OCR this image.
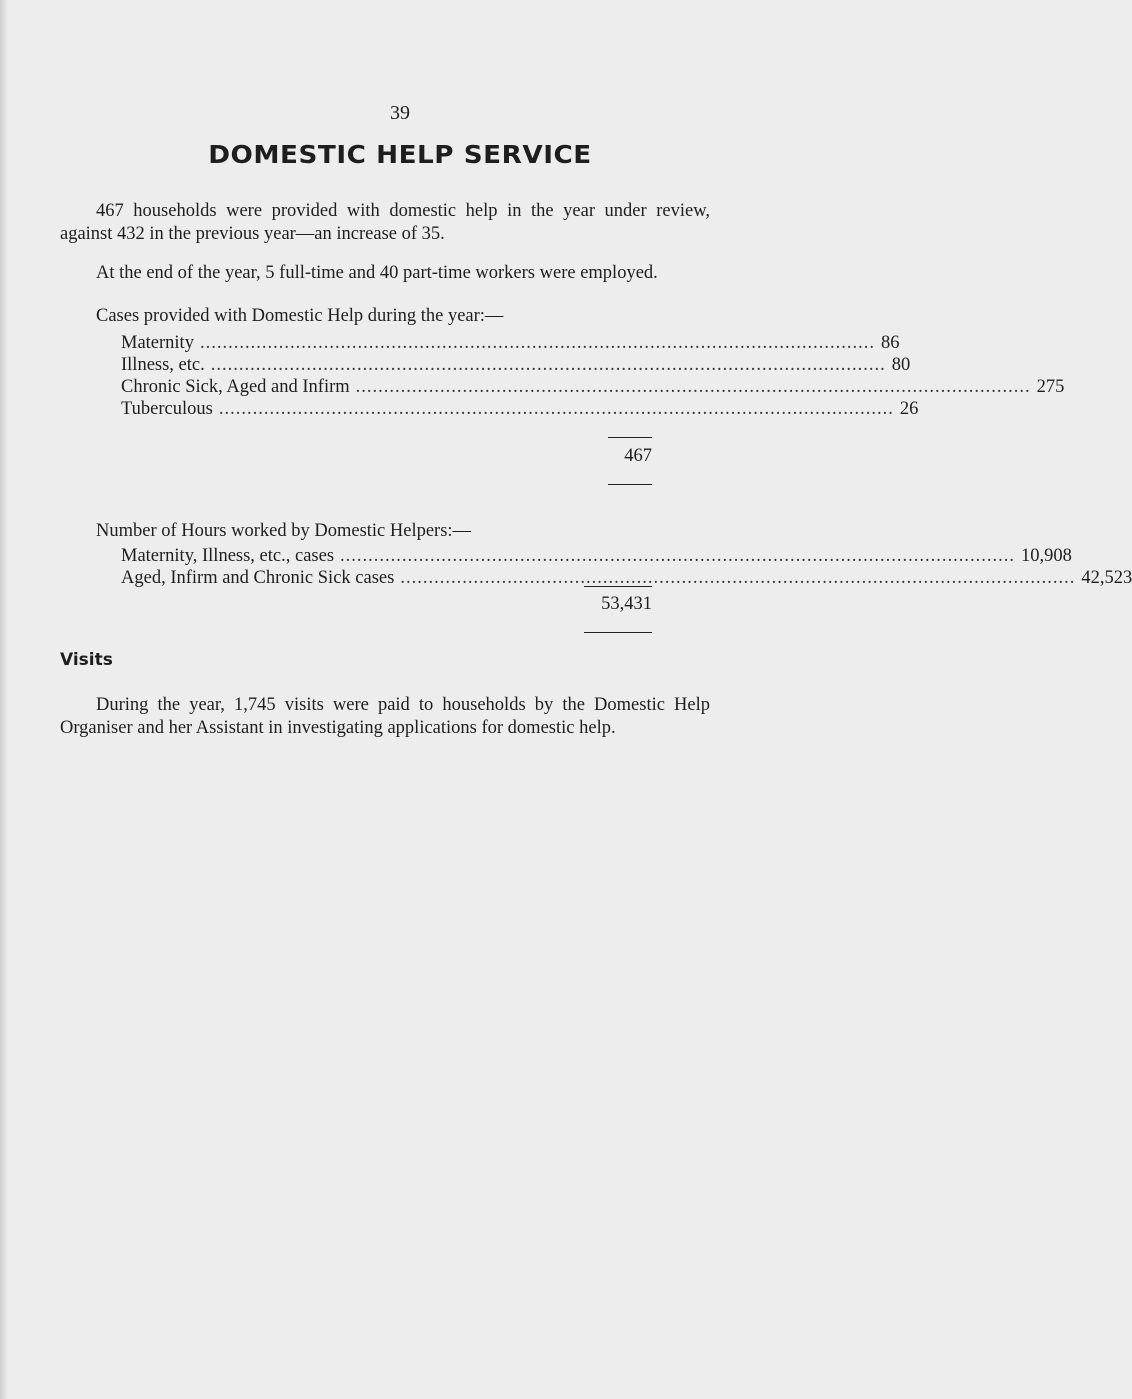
39
DOMESTIC HELP SERVICE

467 households were provided with domestic help in the year under review, against 432 in the previous year—an increase of 35.

At the end of the year, 5 full-time and 40 part-time workers were employed.

Cases provided with Domestic Help during the year:—
Maternity ........................................................................................................................ 86
Illness, etc. ........................................................................................................................ 80
Chronic Sick, Aged and Infirm ........................................................................................................................ 275
Tuberculous ........................................................................................................................ 26
467
Number of Hours worked by Domestic Helpers:—
Maternity, Illness, etc., cases ........................................................................................................................ 10,908
Aged, Infirm and Chronic Sick cases ........................................................................................................................ 42,523
53,431
Visits

During the year, 1,745 visits were paid to households by the Domestic Help Organiser and her Assistant in investigating applications for domestic help.
